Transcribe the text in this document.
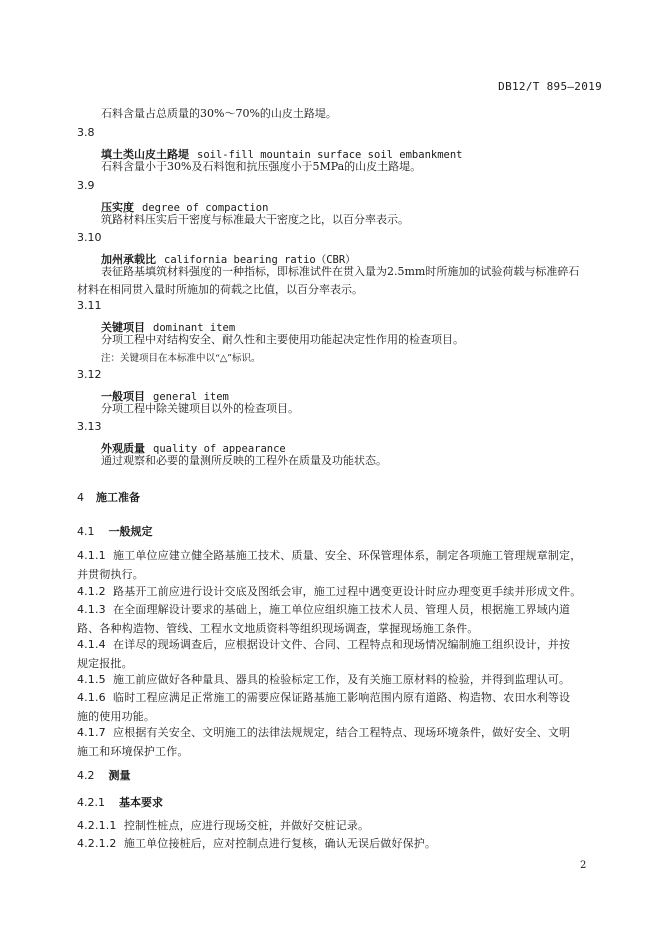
DB12/T 895—2019
石料含量占总质量的30%～70%的山皮土路堤。
3.8
填土类山皮土路堤 soil-fill mountain surface soil embankment
石料含量小于30%及石料饱和抗压强度小于5MPa的山皮土路堤。
3.9
压实度 degree of compaction
筑路材料压实后干密度与标准最大干密度之比，以百分率表示。
3.10
加州承载比 california bearing ratio（CBR）
表征路基填筑材料强度的一种指标，即标准试件在贯入量为2.5mm时所施加的试验荷载与标准碎石
材料在相同贯入量时所施加的荷载之比值，以百分率表示。
3.11
关键项目 dominant item
分项工程中对结构安全、耐久性和主要使用功能起决定性作用的检查项目。
注：关键项目在本标准中以“△”标识。
3.12
一般项目 general item
分项工程中除关键项目以外的检查项目。
3.13
外观质量 quality of appearance
通过观察和必要的量测所反映的工程外在质量及功能状态。
4 施工准备
4.1 一般规定
4.1.1 施工单位应建立健全路基施工技术、质量、安全、环保管理体系，制定各项施工管理规章制定，
并贯彻执行。
4.1.2 路基开工前应进行设计交底及图纸会审，施工过程中遇变更设计时应办理变更手续并形成文件。
4.1.3 在全面理解设计要求的基础上，施工单位应组织施工技术人员、管理人员，根据施工界域内道
路、各种构造物、管线、工程水文地质资料等组织现场调查，掌握现场施工条件。
4.1.4 在详尽的现场调查后，应根据设计文件、合同、工程特点和现场情况编制施工组织设计，并按
规定报批。
4.1.5 施工前应做好各种量具、器具的检验标定工作，及有关施工原材料的检验，并得到监理认可。
4.1.6 临时工程应满足正常施工的需要应保证路基施工影响范围内原有道路、构造物、农田水利等设
施的使用功能。
4.1.7 应根据有关安全、文明施工的法律法规规定，结合工程特点、现场环境条件，做好安全、文明
施工和环境保护工作。
4.2 测量
4.2.1 基本要求
4.2.1.1 控制性桩点，应进行现场交桩，并做好交桩记录。
4.2.1.2 施工单位接桩后，应对控制点进行复核，确认无误后做好保护。
2
